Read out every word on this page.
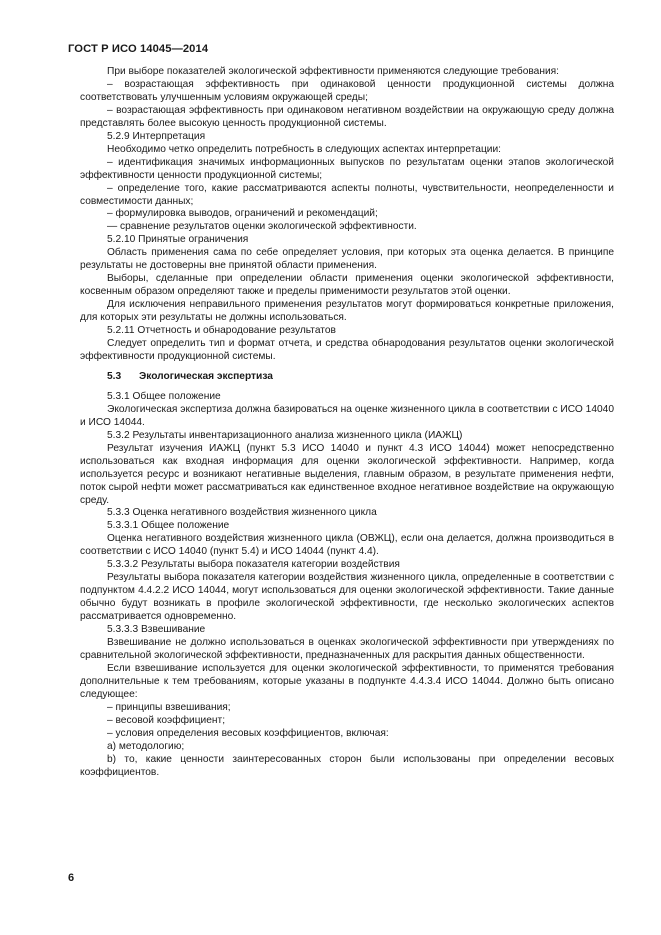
ГОСТ Р ИСО 14045—2014

При выборе показателей экологической эффективности применяются следующие требования:

– возрастающая эффективность при одинаковой ценности продукционной системы должна соответствовать улучшенным условиям окружающей среды;

– возрастающая эффективность при одинаковом негативном воздействии на окружающую среду должна представлять более высокую ценность продукционной системы.

5.2.9 Интерпретация

Необходимо четко определить потребность в следующих аспектах интерпретации:

– идентификация значимых информационных выпусков по результатам оценки этапов экологической эффективности ценности продукционной системы;

– определение того, какие рассматриваются аспекты полноты, чувствительности, неопределенности и совместимости данных;

– формулировка выводов, ограничений и рекомендаций;

— сравнение результатов оценки экологической эффективности.

5.2.10 Принятые ограничения

Область применения сама по себе определяет условия, при которых эта оценка делается. В принципе результаты не достоверны вне принятой области применения.

Выборы, сделанные при определении области применения оценки экологической эффективности, косвенным образом определяют также и пределы применимости результатов этой оценки.

Для исключения неправильного применения результатов могут формироваться конкретные приложения, для которых эти результаты не должны использоваться.

5.2.11 Отчетность и обнародование результатов

Следует определить тип и формат отчета, и средства обнародования результатов оценки экологической эффективности продукционной системы.

5.3 Экологическая экспертиза

5.3.1 Общее положение

Экологическая экспертиза должна базироваться на оценке жизненного цикла в соответствии с ИСО 14040 и ИСО 14044.

5.3.2 Результаты инвентаризационного анализа жизненного цикла (ИАЖЦ)

Результат изучения ИАЖЦ (пункт 5.3 ИСО 14040 и пункт 4.3 ИСО 14044) может непосредственно использоваться как входная информация для оценки экологической эффективности. Например, когда используется ресурс и возникают негативные выделения, главным образом, в результате применения нефти, поток сырой нефти может рассматриваться как единственное входное негативное воздействие на окружающую среду.

5.3.3 Оценка негативного воздействия жизненного цикла

5.3.3.1 Общее положение

Оценка негативного воздействия жизненного цикла (ОВЖЦ), если она делается, должна производиться в соответствии с ИСО 14040 (пункт 5.4) и ИСО 14044 (пункт 4.4).

5.3.3.2 Результаты выбора показателя категории воздействия

Результаты выбора показателя категории воздействия жизненного цикла, определенные в соответствии с подпунктом 4.4.2.2 ИСО 14044, могут использоваться для оценки экологической эффективности. Такие данные обычно будут возникать в профиле экологической эффективности, где несколько экологических аспектов рассматривается одновременно.

5.3.3.3 Взвешивание

Взвешивание не должно использоваться в оценках экологической эффективности при утверждениях по сравнительной экологической эффективности, предназначенных для раскрытия данных общественности.

Если взвешивание используется для оценки экологической эффективности, то применятся требования дополнительные к тем требованиям, которые указаны в подпункте 4.4.3.4 ИСО 14044. Должно быть описано следующее:

– принципы взвешивания;

– весовой коэффициент;

– условия определения весовых коэффициентов, включая:

a) методологию;

b) то, какие ценности заинтересованных сторон были использованы при определении весовых коэффициентов.

6
